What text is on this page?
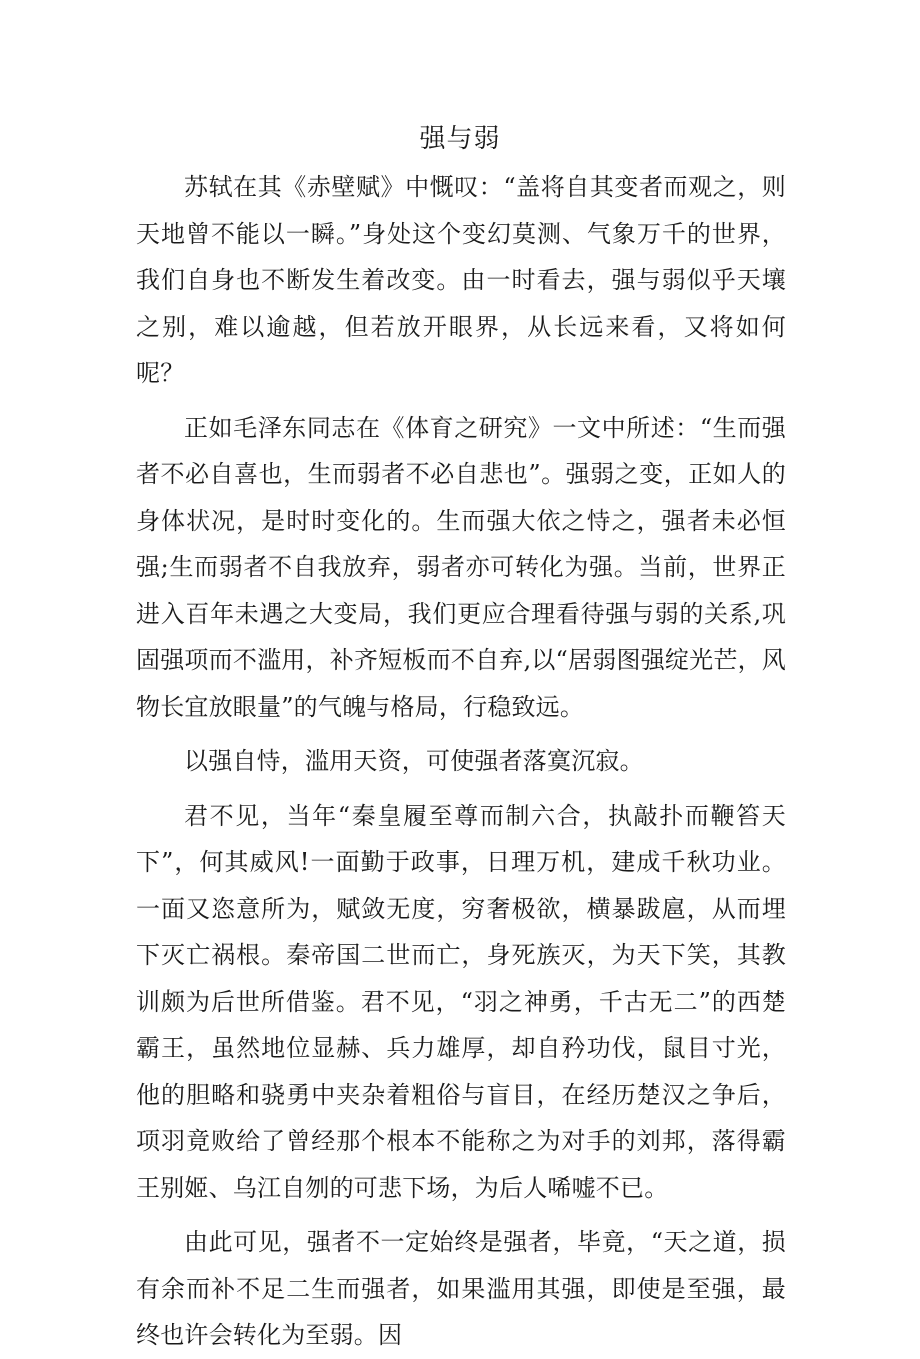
强与弱

苏轼在其《赤壁赋》中慨叹：“盖将自其变者而观之，则天地曾不能以一瞬。”身处这个变幻莫测、气象万千的世界，我们自身也不断发生着改变。由一时看去，强与弱似乎天壤之别，难以逾越，但若放开眼界，从长远来看，又将如何呢？

正如毛泽东同志在《体育之研究》一文中所述：“生而强者不必自喜也，生而弱者不必自悲也”。强弱之变，正如人的身体状况，是时时变化的。生而强大依之恃之，强者未必恒强;生而弱者不自我放弃，弱者亦可转化为强。当前，世界正进入百年未遇之大变局，我们更应合理看待强与弱的关系,巩固强项而不滥用，补齐短板而不自弃,以“居弱图强绽光芒，风物长宜放眼量”的气魄与格局，行稳致远。

以强自恃，滥用天资，可使强者落寞沉寂。

君不见，当年“秦皇履至尊而制六合，执敲扑而鞭笞天下”，何其威风!一面勤于政事，日理万机，建成千秋功业。一面又恣意所为，赋敛无度，穷奢极欲，横暴跋扈，从而埋下灭亡祸根。秦帝国二世而亡，身死族灭，为天下笑，其教训颇为后世所借鉴。君不见，“羽之神勇，千古无二”的西楚霸王，虽然地位显赫、兵力雄厚，却自矜功伐，鼠目寸光，他的胆略和骁勇中夹杂着粗俗与盲目，在经历楚汉之争后，项羽竟败给了曾经那个根本不能称之为对手的刘邦，落得霸王别姬、乌江自刎的可悲下场，为后人唏嘘不已。

由此可见，强者不一定始终是强者，毕竟，“天之道，损有余而补不足二生而强者，如果滥用其强，即使是至强，最终也许会转化为至弱。因
